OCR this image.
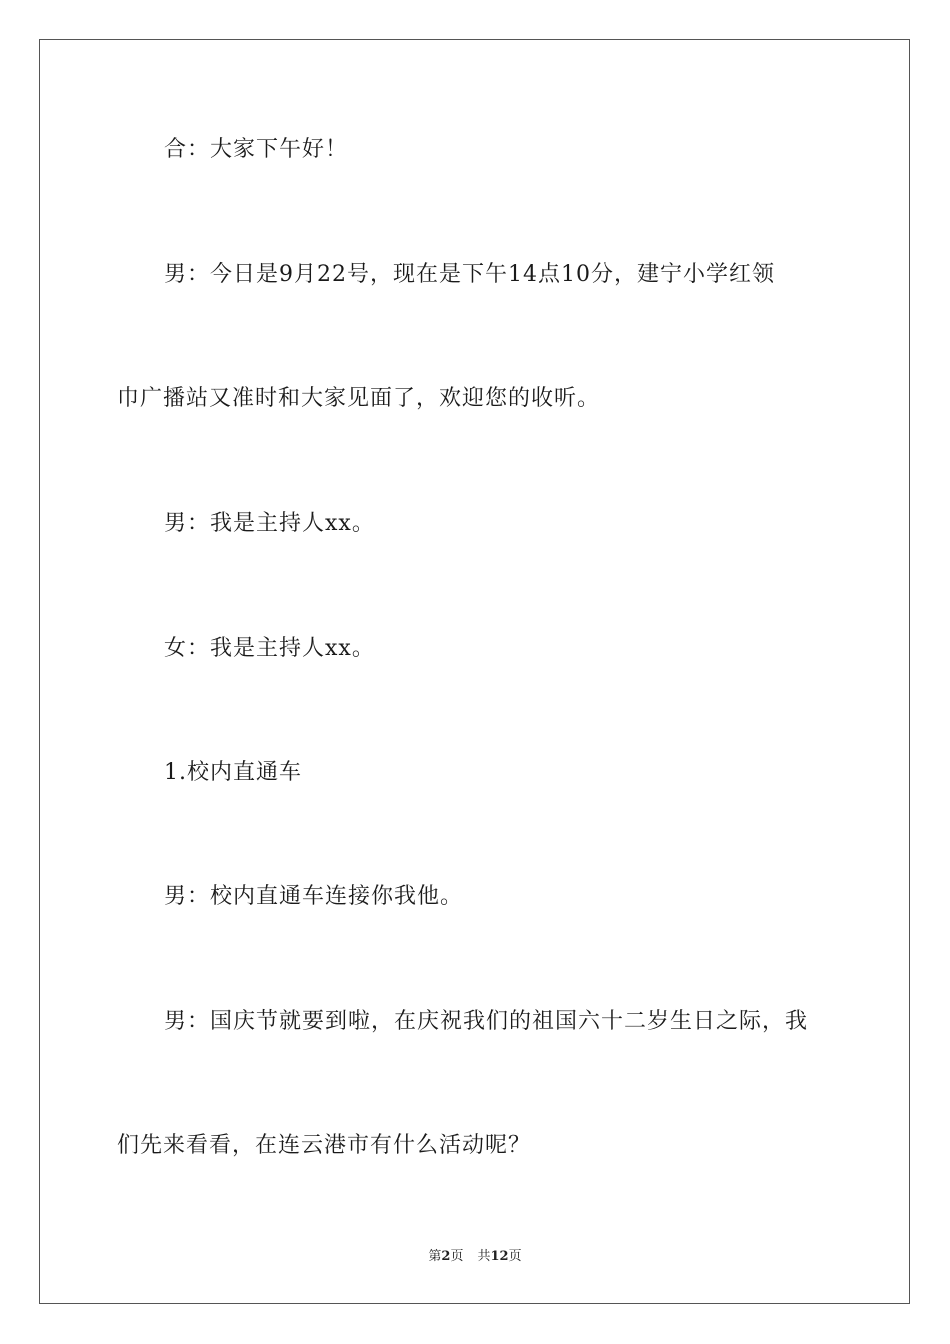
合：大家下午好！
男：今日是9月22号，现在是下午14点10分，建宁小学红领
巾广播站又准时和大家见面了，欢迎您的收听。
男：我是主持人xx。
女：我是主持人xx。
1.校内直通车
男：校内直通车连接你我他。
男：国庆节就要到啦，在庆祝我们的祖国六十二岁生日之际，我
们先来看看，在连云港市有什么活动呢？
第2页 共12页
